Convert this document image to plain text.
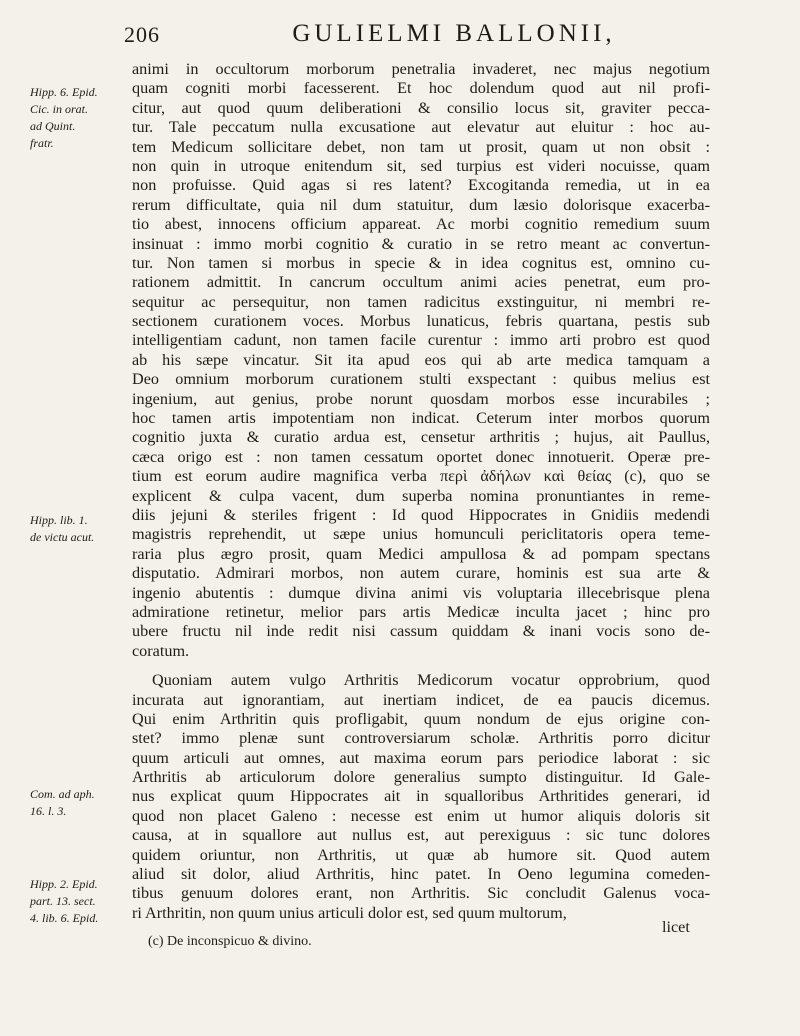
206	GULIELMI BALLONII,
Hipp. 6. Epid.
Cic. in orat.
ad Quint.
fratr.
Hipp. lib. 1.
de victu acut.
Com. ad aph.
16. l. 3.
Hipp. 2. Epid.
part. 13. sect.
4. lib. 6. Epid.
animi in occultorum morborum penetralia invaderet, nec majus negotium
quam cogniti morbi facesserent. Et hoc dolendum quod aut nil profi-
citur, aut quod quum deliberationi & consilio locus sit, graviter pecca-
tur. Tale peccatum nulla excusatione aut elevatur aut eluitur : hoc au-
tem Medicum sollicitare debet, non tam ut prosit, quam ut non obsit :
non quin in utroque enitendum sit, sed turpius est videri nocuisse, quam
non profuisse. Quid agas si res latent? Excogitanda remedia, ut in ea
rerum difficultate, quia nil dum statuitur, dum læsio dolorisque exacerba-
tio abest, innocens officium appareat. Ac morbi cognitio remedium suum
insinuat : immo morbi cognitio & curatio in se retro meant ac convertun-
tur. Non tamen si morbus in specie & in idea cognitus est, omnino cu-
rationem admittit. In cancrum occultum animi acies penetrat, eum pro-
sequitur ac persequitur, non tamen radicitus exstinguitur, ni membri re-
sectionem curationem voces. Morbus lunaticus, febris quartana, pestis sub
intelligentiam cadunt, non tamen facile curentur : immo arti probro est quod
ab his sæpe vincatur. Sit ita apud eos qui ab arte medica tamquam a
Deo omnium morborum curationem stulti exspectant : quibus melius est
ingenium, aut genius, probe norunt quosdam morbos esse incurabiles ;
hoc tamen artis impotentiam non indicat. Ceterum inter morbos quorum
cognitio juxta & curatio ardua est, censetur arthritis ; hujus, ait Paullus,
cæca origo est : non tamen cessatum oportet donec innotuerit. Operæ pre-
tium est eorum audire magnifica verba περὶ ἀδήλων καὶ θείας (c), quo se
explicent & culpa vacent, dum superba nomina pronuntiantes in reme-
diis jejuni & steriles frigent : Id quod Hippocrates in Gnidiis medendi
magistris reprehendit, ut sæpe unius homunculi periclitatoris opera teme-
raria plus ægro prosit, quam Medici ampullosa & ad pompam spectans
disputatio. Admirari morbos, non autem curare, hominis est sua arte &
ingenio abutentis : dumque divina animi vis voluptaria illecebrisque plena
admiratione retinetur, melior pars artis Medicæ inculta jacet ; hinc pro
ubere fructu nil inde redit nisi cassum quiddam & inani vocis sono de-
coratum.
Quoniam autem vulgo Arthritis Medicorum vocatur opprobrium, quod
incurata aut ignorantiam, aut inertiam indicet, de ea paucis dicemus.
Qui enim Arthritin quis profligabit, quum nondum de ejus origine con-
stet? immo plenæ sunt controversiarum scholæ. Arthritis porro dicitur
quum articuli aut omnes, aut maxima eorum pars periodice laborat : sic
Arthritis ab articulorum dolore generalius sumpto distinguitur. Id Gale-
nus explicat quum Hippocrates ait in squalloribus Arthritides generari, id
quod non placet Galeno : necesse est enim ut humor aliquis doloris sit
causa, at in squallore aut nullus est, aut perexiguus : sic tunc dolores
quidem oriuntur, non Arthritis, ut quæ ab humore sit. Quod autem
aliud sit dolor, aliud Arthritis, hinc patet. In Oeno legumina comeden-
tibus genuum dolores erant, non Arthritis. Sic concludit Galenus voca-
ri Arthritin, non quum unius articuli dolor est, sed quum multorum,
licet
(c) De inconspicuo & divino.
